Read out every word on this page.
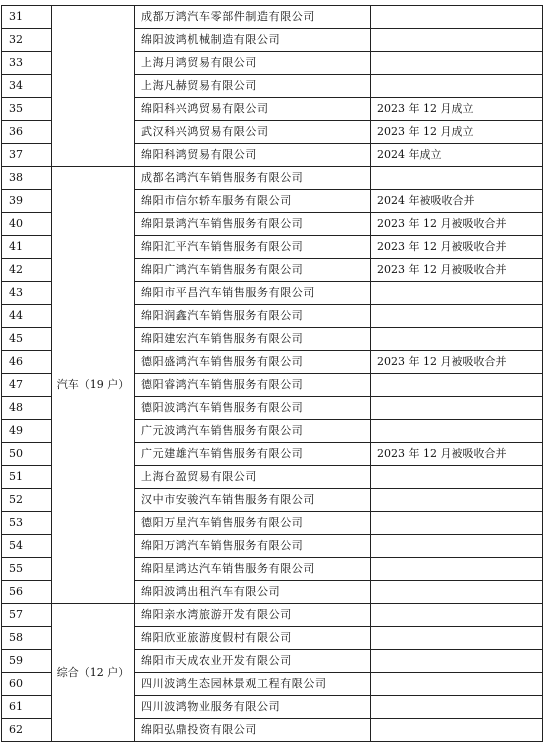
31		成都万鸿汽车零部件制造有限公司	
32		绵阳波鸿机械制造有限公司	
33		上海月鸿贸易有限公司	
34		上海凡赫贸易有限公司	
35		绵阳科兴鸿贸易有限公司	2023 年 12 月成立
36		武汉科兴鸿贸易有限公司	2023 年 12 月成立
37		绵阳科鸿贸易有限公司	2024 年成立
38	汽车（19 户）	成都名鸿汽车销售服务有限公司	
39		绵阳市信尔轿车服务有限公司	2024 年被吸收合并
40		绵阳景鸿汽车销售服务有限公司	2023 年 12 月被吸收合并
41		绵阳汇平汽车销售服务有限公司	2023 年 12 月被吸收合并
42		绵阳广鸿汽车销售服务有限公司	2023 年 12 月被吸收合并
43		绵阳市平昌汽车销售服务有限公司	
44		绵阳润鑫汽车销售服务有限公司	
45		绵阳建宏汽车销售服务有限公司	
46		德阳盛鸿汽车销售服务有限公司	2023 年 12 月被吸收合并
47		德阳睿鸿汽车销售服务有限公司	
48		德阳波鸿汽车销售服务有限公司	
49		广元波鸿汽车销售服务有限公司	
50		广元建雄汽车销售服务有限公司	2023 年 12 月被吸收合并
51		上海台盈贸易有限公司	
52		汉中市安骏汽车销售服务有限公司	
53		德阳万星汽车销售服务有限公司	
54		绵阳万鸿汽车销售服务有限公司	
55		绵阳星鸿达汽车销售服务有限公司	
56		绵阳波鸿出租汽车有限公司	
57	综合（12 户）	绵阳亲水湾旅游开发有限公司	
58		绵阳欣亚旅游度假村有限公司	
59		绵阳市天成农业开发有限公司	
60		四川波鸿生态园林景观工程有限公司	
61		四川波鸿物业服务有限公司	
62		绵阳弘鼎投资有限公司	
